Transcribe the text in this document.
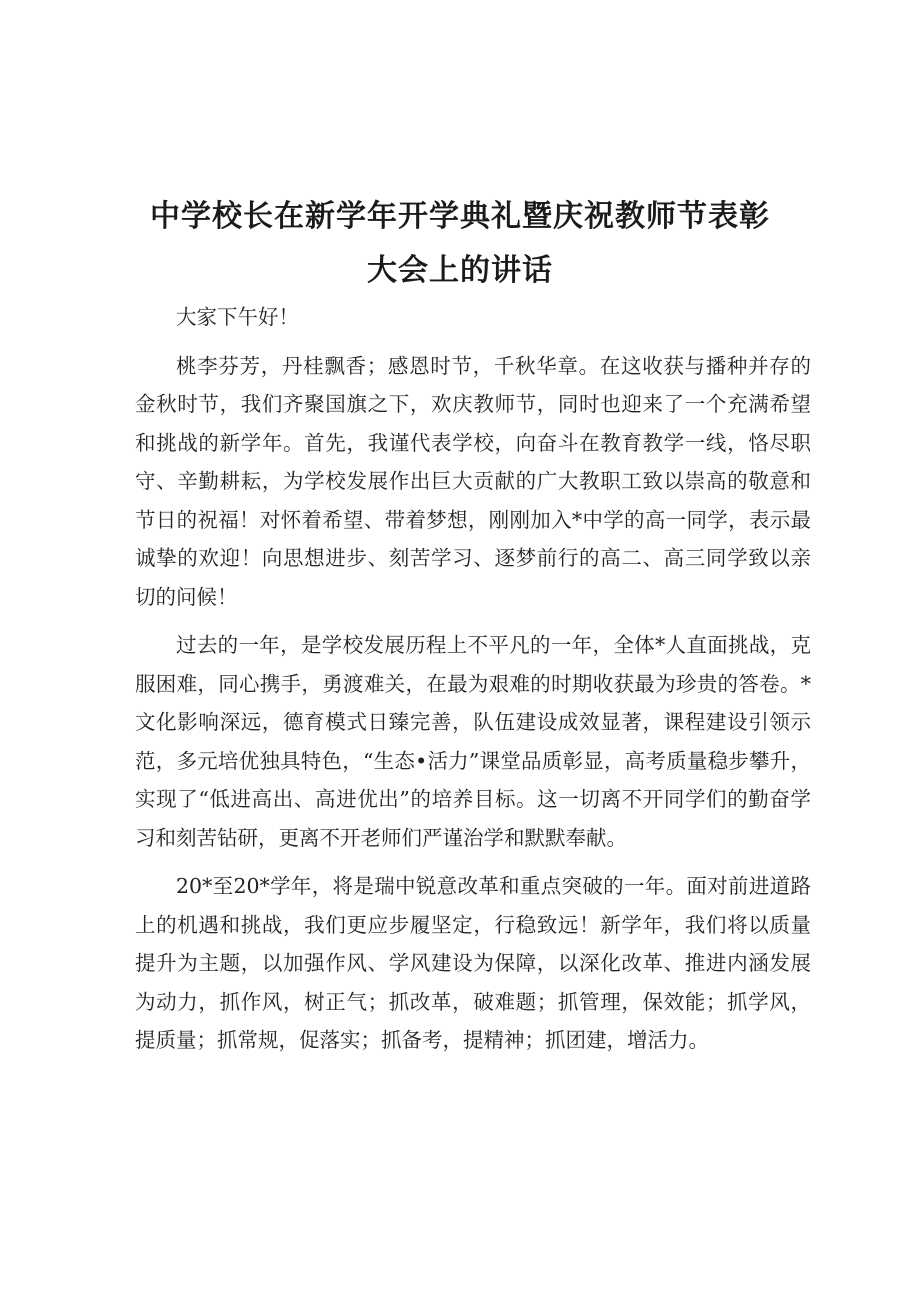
中学校长在新学年开学典礼暨庆祝教师节表彰
大会上的讲话

大家下午好！

桃李芬芳，丹桂飘香；感恩时节，千秋华章。在这收获与播种并存的金秋时节，我们齐聚国旗之下，欢庆教师节，同时也迎来了一个充满希望和挑战的新学年。首先，我谨代表学校，向奋斗在教育教学一线，恪尽职守、辛勤耕耘，为学校发展作出巨大贡献的广大教职工致以崇高的敬意和节日的祝福！对怀着希望、带着梦想，刚刚加入*中学的高一同学，表示最诚挚的欢迎！向思想进步、刻苦学习、逐梦前行的高二、高三同学致以亲切的问候！

过去的一年，是学校发展历程上不平凡的一年，全体*人直面挑战，克服困难，同心携手，勇渡难关，在最为艰难的时期收获最为珍贵的答卷。*文化影响深远，德育模式日臻完善，队伍建设成效显著，课程建设引领示范，多元培优独具特色，“生态•活力”课堂品质彰显，高考质量稳步攀升，实现了“低进高出、高进优出”的培养目标。这一切离不开同学们的勤奋学习和刻苦钻研，更离不开老师们严谨治学和默默奉献。

20*至20*学年，将是瑞中锐意改革和重点突破的一年。面对前进道路上的机遇和挑战，我们更应步履坚定，行稳致远！新学年，我们将以质量提升为主题，以加强作风、学风建设为保障，以深化改革、推进内涵发展为动力，抓作风，树正气；抓改革，破难题；抓管理，保效能；抓学风，提质量；抓常规，促落实；抓备考，提精神；抓团建，增活力。
